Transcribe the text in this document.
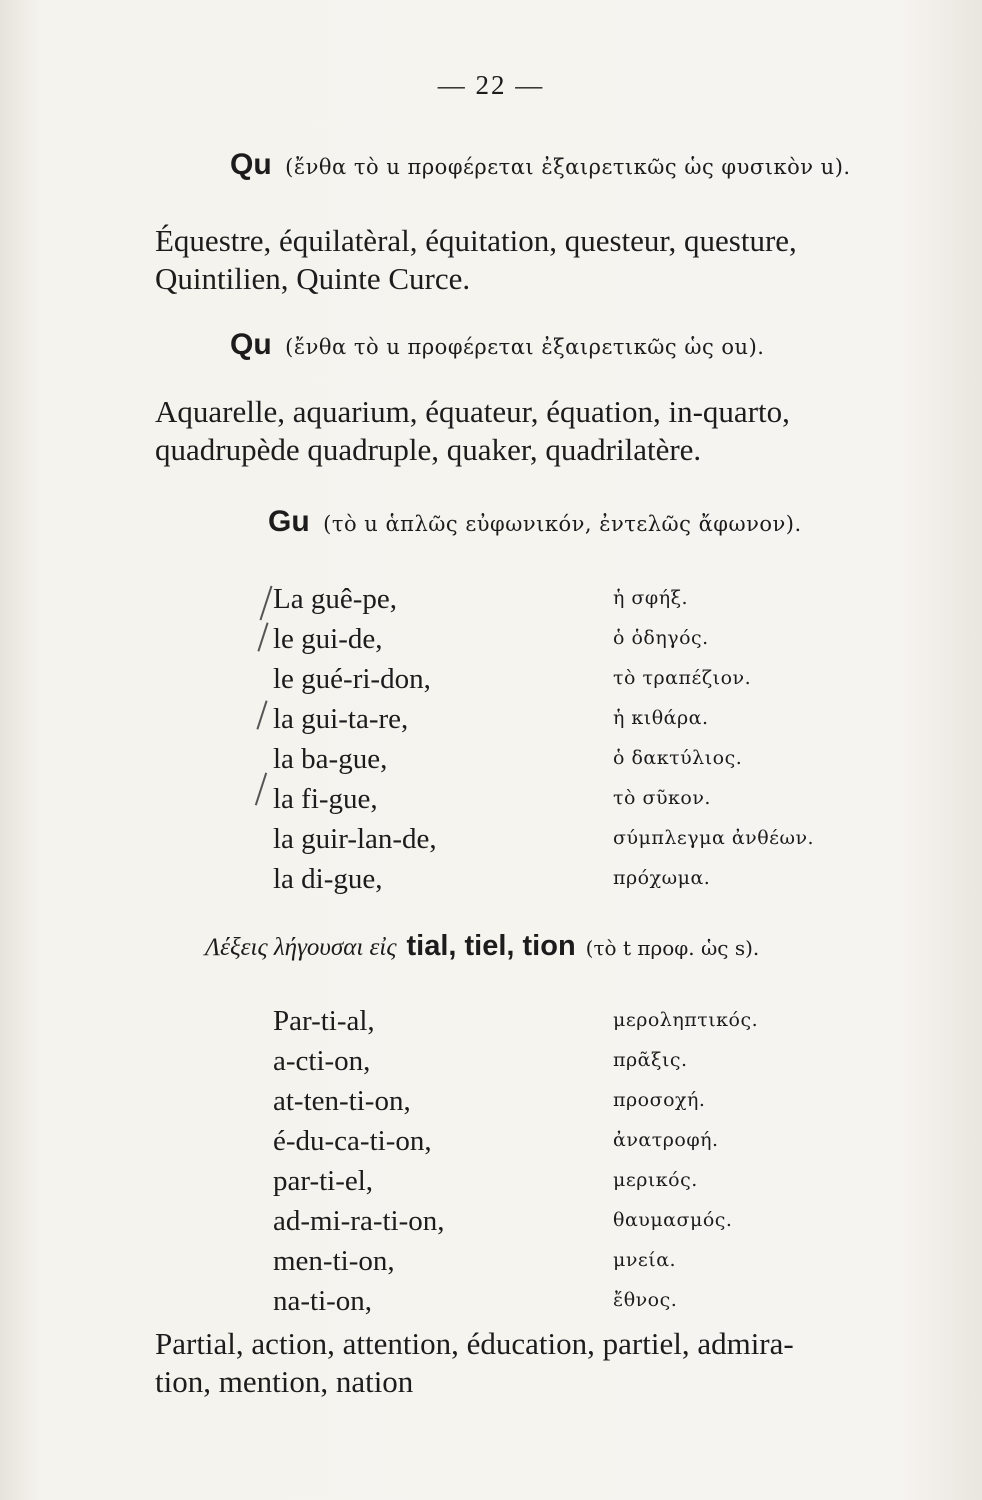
— 22 —
Qu (ἔνθα τὸ u προφέρεται ἐξαιρετικῶς ὡς φυσικὸν u).

Équestre, équilatèral, équitation, questeur, questure,

Quintilien, Quinte Curce.

Qu (ἔνθα τὸ u προφέρεται ἐξαιρετικῶς ὡς ou).

Aquarelle, aquarium, équateur, équation, in-quarto,

quadrupède quadruple, quaker, quadrilatère.

Gu (τὸ u ἁπλῶς εὐφωνικόν, ἐντελῶς ἄφωνον).
La guê-pe,	ἡ σφήξ.
le gui-de,	ὁ ὁδηγός.
le gué-ri-don,	τὸ τραπέζιον.
la gui-ta-re,	ἡ κιθάρα.
la ba-gue,	ὁ δακτύλιος.
la fi-gue,	τὸ σῦκον.
la guir-lan-de,	σύμπλεγμα ἀνθέων.
la di-gue,	πρόχωμα.
Λέξεις λήγουσαι εἰς tial, tiel, tion (τὸ t προφ. ὡς s).
Par-ti-al,	μερoληπτικός.
a-cti-on,	πρᾶξις.
at-ten-ti-on,	προσοχή.
é-du-ca-ti-on,	ἀνατροφή.
par-ti-el,	μερικός.
ad-mi-ra-ti-on,	θαυμασμός.
men-ti-on,	μνεία.
na-ti-on,	ἔθνος.

Partial, action, attention, éducation, partiel, admira-

tion, mention, nation
